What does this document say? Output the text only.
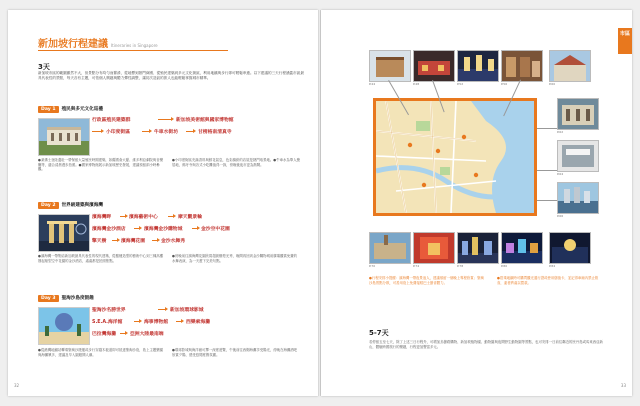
新加坡行程建議 Itineraries in Singapore
3天
新加坡市區的範圍雖然不大，但景點分布均勻而緊湊，從地標到熱門商圈、從殖民建築到多元文化街區，利用地鐵與步行即可輕鬆串連。以下建議的三天行程涵蓋市區最具代表性的景點，每天各有主題，可依個人興趣與體力彈性調整，讓初次造訪的旅人也能輕鬆掌握城市精華。
Day 1 殖民與多元文化巡禮
行政區殖民建築群	新加坡美術館與國家博物館
小印度街區	牛車水街坊	甘榜格南清真寺
●莱佛士登陸遺址一帶保留大量殖民時期建築，如舊國會大廈、維多利亞劇院與音樂廳等，適合清晨漫步拍照。●國家博物館展示新加坡歷史發展，建議預留兩小時參觀。
●小印度街區充滿香料與鮮花氣息，色彩繽紛的店屋是熱門取景地。●牛車水為華人聚居地，佛牙寺與各式小吃攤值得一探，傍晚後夜市更為熱鬧。
Day 2 世界級建築與濱海灣
濱海灣畔	濱海藝術中心	摩天觀景輪
濱海灣金沙酒店	濱海灣金沙購物城	金沙空中花園
擎天樹	濱海灣花園	金沙水舞秀
●濱海灣一帶集結新加坡最具代表性的現代建築，從榴槤造型的藝術中心到三棟高樓撐起船型空中花園的金沙酒店，處處都是拍照焦點。
●傍晚前往濱海灣花園欣賞超級樹燈光秀，晚間再回到金沙購物城前廣場觀賞免費的水舞表演，為一天畫下完美句點。
Day 3 聖淘沙島度假趣
聖淘沙名勝世界	新加坡環球影城
S.E.A.海洋館	海事博物館	西樂索海灘
巴拉灣海灘	亞洲大陸最南端
●從港灣地鐵站轉乘聖淘沙捷運或步行穿越木板道即可抵達聖淘沙島，島上主題樂園與海灘眾多，建議及早入園避開人潮。
●環球影城與海洋館可擇一深度遊覽，午後前往西側海灘享受陽光，傍晚在海灘酒吧欣賞夕陽，感受悠閒度假氛圍。
32
市區
P.44	P.48	P.52	P.56	P.60
P.62
P.64
P.66
P.70	P.74	P.78	P.80	P.84
●行程安排小提醒：濱海灣一帶夜景迷人，建議預留一個晚上專程欣賞；聖淘沙島景點分散，可善用島上免費接駁巴士節省體力。
●搭乘地鐵時可購買觀光通行證或使用儲值卡，並記得車廂內禁止飲食，違者將處以罰款。
5-7天
若停留五至七天，除了上述三日行程外，可增加烏節路購物、新加坡植物園、動物園與夜間野生動物園等景點，也可安排一日前往鄰近的民丹島或馬來西亞新山，體驗跨國旅行的樂趣，行程更加豐富多元。
33
